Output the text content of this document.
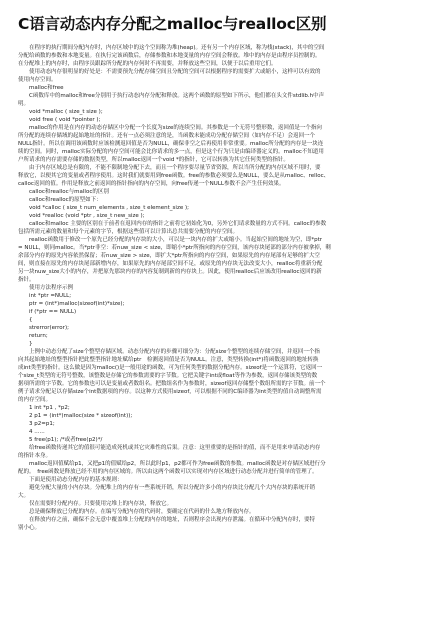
C语言动态内存分配之malloc与realloc区别
　　在程序的执行期间分配内存时，内存区域中的这个空间称为堆(heap)。还有另一个内存区域，称为栈(stack)，其中的空间
分配给函数的参数和本地变量。在执行完该函数后，存储参数和本地变量的内存空间会释放。堆中的内存是由程序员控制的。
在分配堆上的内存时，由程序员跟踪所分配的内存何时不再需要，并释放这些空间，以便于以后重用它们。
　　使用动态内存很明显的好处是：不需要预先分配存储空间且分配的空间可以根据程序的需要扩大或缩小，这样可以有效的
使用内存空间。
　　malloc和free
　　C函数库中的malloc和free分别用于执行动态内存分配和释放。这两个函数的原型如下所示，他们都在头文件stdlib.h中声
明。
　　void *malloc ( size_t size );
　　void free ( void *pointer );
　　malloc的作用是在内存的动态存储区中分配一个长度为size的连续空间。其参数是一个无符号整形数，返回值是一个指向
所分配的连续存储域的起始地址的指针。还有一点必须注意的是，当函数未能成功分配存储空间（如内存不足）会返回一个
NULL指针。所以在调用该函数时应该检测返回值是否为NULL，确保非空之后再使用非常重要。malloc所分配的内存是一块连
续的空间。同时，malloc实际分配的内存空间可能会比你请求的多一点，但是这个行为只是由编译器定义的。malloc不知道用
户所请求的内存需要存储的数据类型，所以malloc返回一个void *的指针，它可以转换为其它任何类型的指针。
　　由于内存区域总是有限的，不能不限制地分配下去，而且一个程序要尽量节省资源，所以当所分配的内存区域不用时，要
释放它，以便其它的变量或者程序使用。这时我们就要用到free函数。free的参数必须要么是NULL，要么是从malloc、relloc、
calloc返回的值。作用是释放之前返回的指针指向的内存空间，向free传递一个NULL参数不会产生任何效果。
　　calloc和realloc与malloc的区别
　　calloc和realloc的原型如下：
　　void *calloc ( size_t num_elements , size_t element_size );
　　void *realloc (void *ptr , size_t new_size );
　　calloc和malloc 主要的区别在于前者在返回内存的指针之前将它初始化为0，另外它们请求数量的方式不同。calloc的参数
包括所需元素的数量和每个元素的字节，根据这些值可以计算出总共需要分配的内存空间。
　　realloc函数用于修改一个原先已经分配的内存块的大小，可以是一块内存的扩大或缩小。当起始空间的地址为空，即*ptr
= NULL，则同malloc。当*ptr非空：若nuw_size < size，即缩小*ptr所指向的内存空间，该内存块尾部的部分内存被拿掉，剩
余部分内存的原先内容依然保留；若nuw_size > size，即扩大*ptr所指向的内存空间，如果原先的内存尾部有足够的扩大空
间，则直接在原先的内存块尾部新增内存，如果原先的内存尾部空间不足，或原先的内存块无法改变大小，realloc将重新分配
另一块nuw_size大小的内存，并把原先那块内存的内容复制到新的内存块上。因此，使用realloc后应该改用realloc返回的新
指针。
　　使用方法程序示例
　　int *ptr =NULL;
　　ptr = (int*)malloc(sizeof(int)*size);
　　if (*ptr == NULL)
　　{
　　strerror(error);
　　return;
　　}
　　上例中动态分配了size个整型存储区域。动态分配内存的步骤可细分为：分配size个整型的连续存储空间，并返回一个指
向其起始地址的整型指针把此整型指针地址赋给ptr　检测返回值是否为NULL。注意，类型转换(int*)将函数返回的地址转换
成int类型的指针。这么做是因为malloc()是一般用途的函数，可为任何类型的数据分配内存。sizeof是一个运算符，它返回一
个size_t类型的无符号整数，该整数是存储它的参数需要的字节数。它把关键字int或float等作为参数，返回存储该类型的数
据项所需的字节数。它的参数也可以是变量或者数组名。把数组名作为参数时，sizeof返回存储整个数组所需的字节数。前一个
例子请求分配足以存储size个int数据项的内存。以这种方式使用sizeof，可以根据不同的C编译器为int类型的值自动调整所需
的内存空间。
　　1 int *p1 , *p2;
　　2 p1 = (int*)malloc(size * sizeof(int));
　　3 p2=p1;
　　4 ......
　　5 free(p1); /*或者free(p2)*/
　　给free函数传递其它的值很可能造成死机或其它灾难性的后果。注意：这里重要的是指针的值，而不是用来申请动态内存
的指针本身。
　　malloc返回值赋给p1，又把p1的值赋给p2，所以此时p1，p2都可作为free函数的参数。malloc函数是对存储区域进行分
配的。　free函数是释放已经不用的内存区域的。所以由这两个函数可以实现对内存区域进行动态分配并进行简单的管理了。
　　下面是使用动态分配内存的基本规则：
　　避免分配大量的小内存块。分配堆上的内存有一些系统开销，所以分配许多小的内存块比分配几个大内存块的系统开销
大。
　　仅在需要时分配内存。只要使用完堆上的内存块，释放它。
　　总是确保释放已分配的内存。在编写分配内存的代码时，要确定在代码的什么地方释放内存。
　　在释放内存之前，确保不会无意中覆盖堆上分配的内存的地址，否则程序会出现内存泄漏。在循环中分配内存时，要特
别小心。
